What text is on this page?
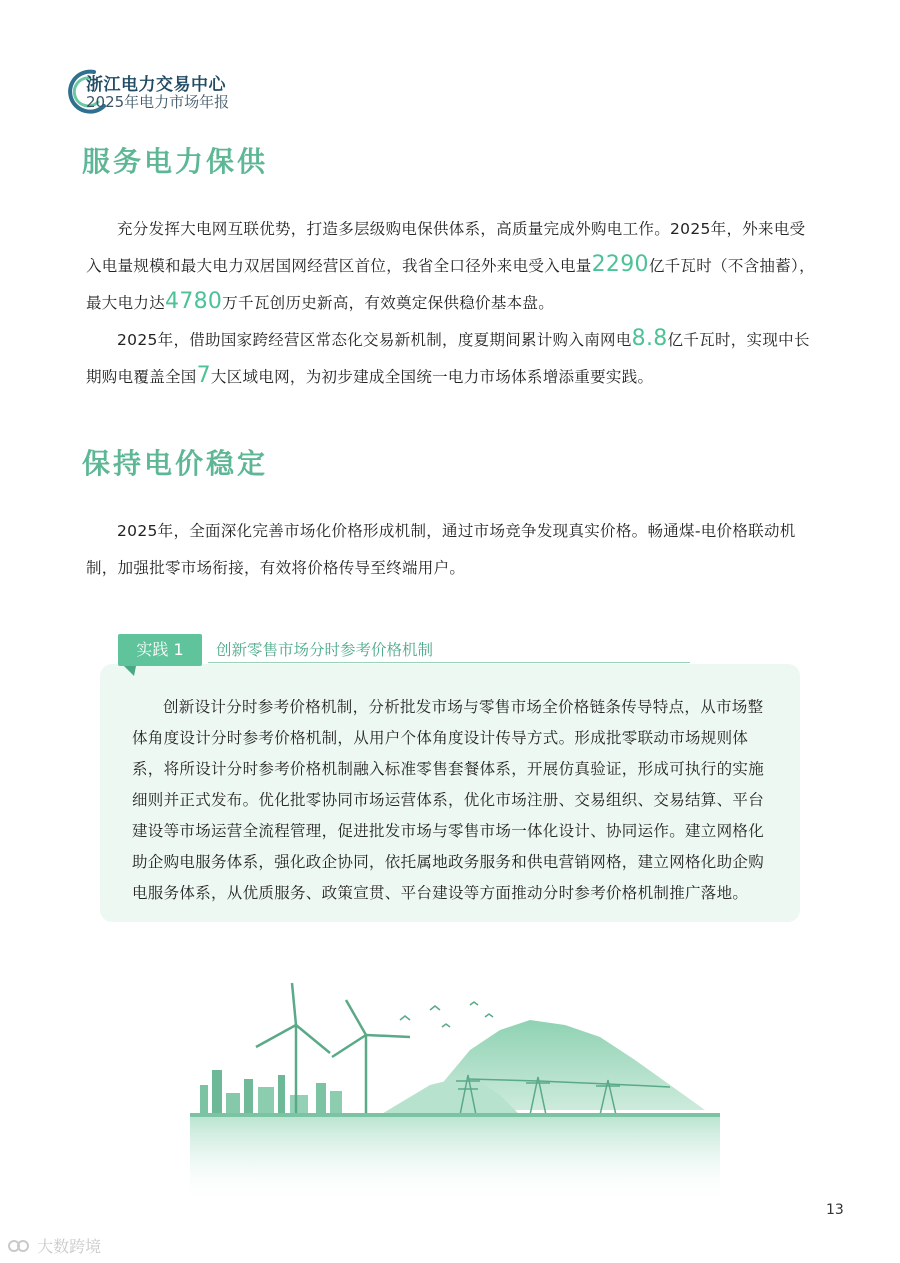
浙江电力交易中心
2025年电力市场年报
服务电力保供

充分发挥大电网互联优势，打造多层级购电保供体系，高质量完成外购电工作。2025年，外来电受入电量规模和最大电力双居国网经营区首位，我省全口径外来电受入电量2290亿千瓦时（不含抽蓄），最大电力达4780万千瓦创历史新高，有效奠定保供稳价基本盘。

2025年，借助国家跨经营区常态化交易新机制，度夏期间累计购入南网电8.8亿千瓦时，实现中长期购电覆盖全国7大区域电网，为初步建成全国统一电力市场体系增添重要实践。

保持电价稳定

2025年，全面深化完善市场化价格形成机制，通过市场竞争发现真实价格。畅通煤-电价格联动机制，加强批零市场衔接，有效将价格传导至终端用户。

创新设计分时参考价格机制，分析批发市场与零售市场全价格链条传导特点，从市场整体角度设计分时参考价格机制，从用户个体角度设计传导方式。形成批零联动市场规则体系，将所设计分时参考价格机制融入标准零售套餐体系，开展仿真验证，形成可执行的实施细则并正式发布。优化批零协同市场运营体系，优化市场注册、交易组织、交易结算、平台建设等市场运营全流程管理，促进批发市场与零售市场一体化设计、协同运作。建立网格化助企购电服务体系，强化政企协同，依托属地政务服务和供电营销网格，建立网格化助企购电服务体系，从优质服务、政策宣贯、平台建设等方面推动分时参考价格机制推广落地。

实践 1	创新零售市场分时参考价格机制
13
大数跨境
